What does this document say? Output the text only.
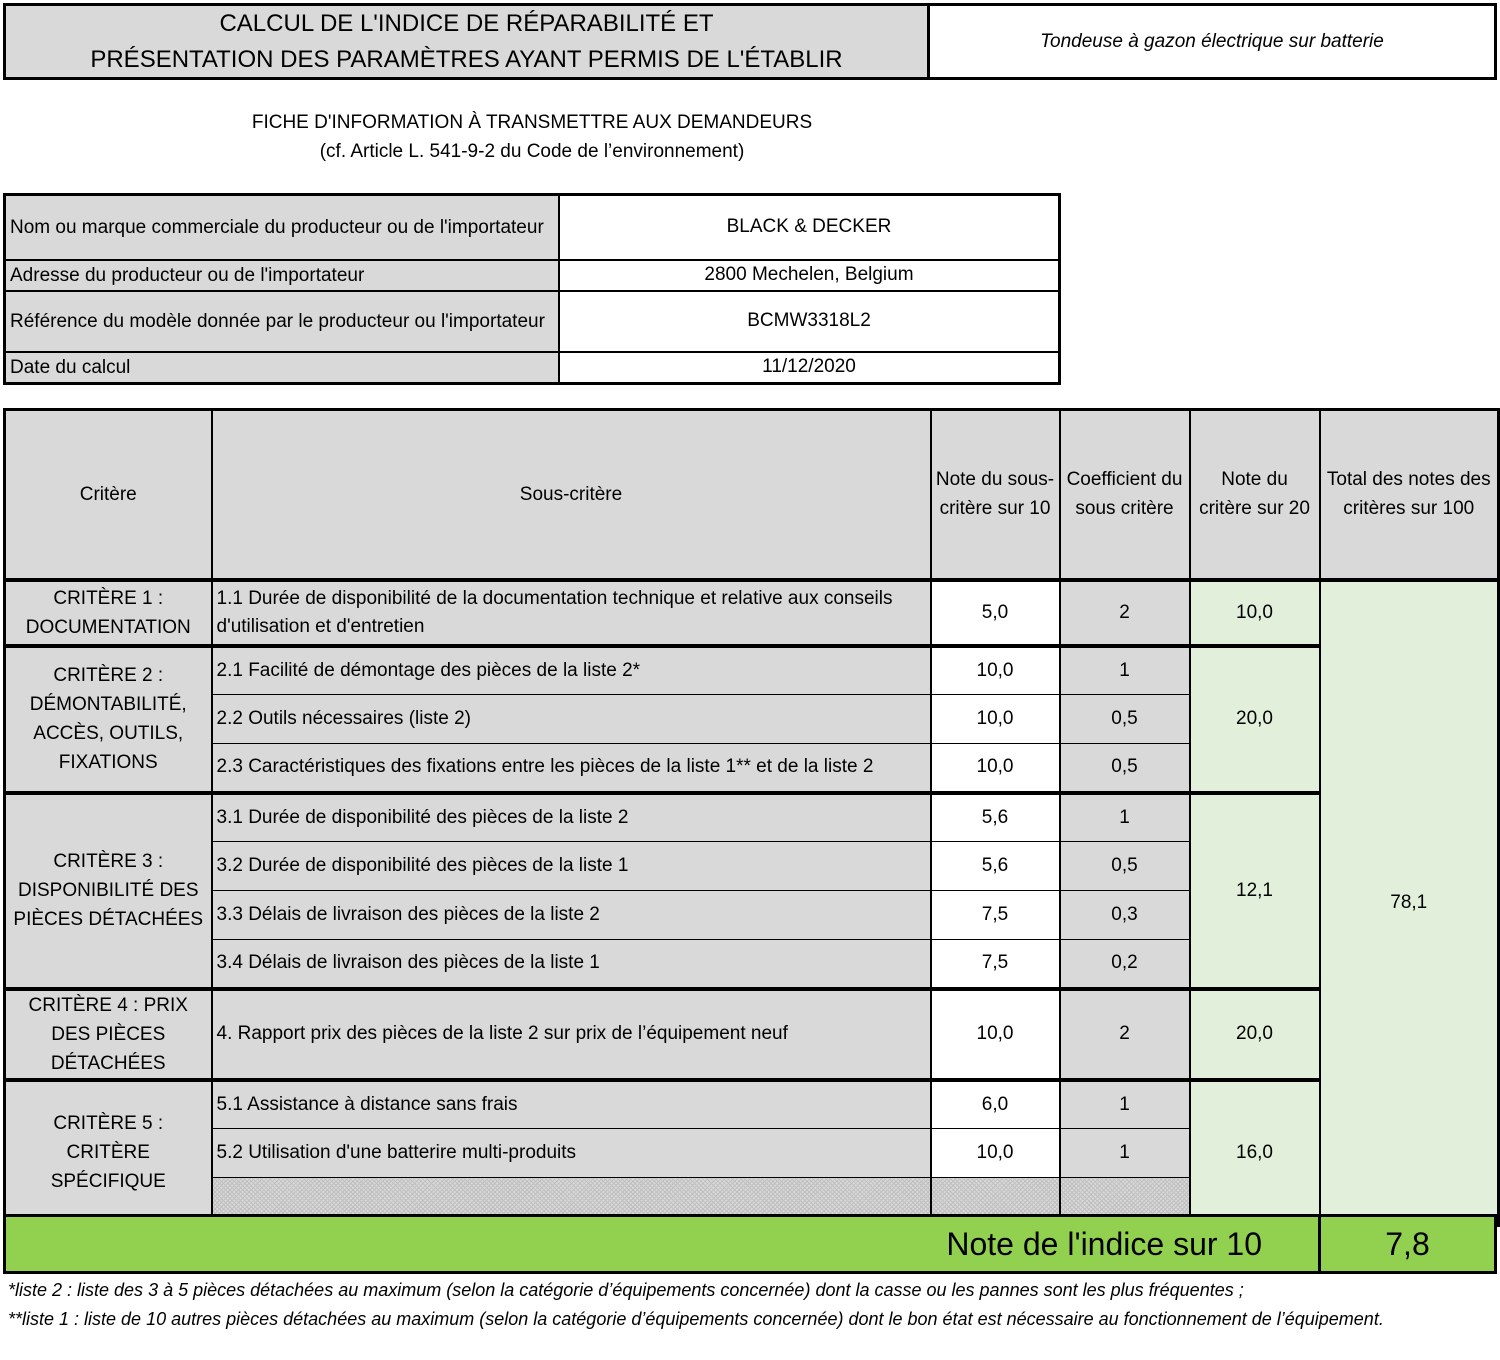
CALCUL DE L'INDICE DE RÉPARABILITÉ ET
PRÉSENTATION DES PARAMÈTRES AYANT PERMIS DE L'ÉTABLIR
Tondeuse à gazon électrique sur batterie
FICHE D'INFORMATION À TRANSMETTRE AUX DEMANDEURS
(cf. Article L. 541-9-2 du Code de l’environnement)
Nom ou marque commerciale du producteur ou de l'importateur	BLACK & DECKER
Adresse du producteur ou de l'importateur	2800 Mechelen, Belgium
Référence du modèle donnée par le producteur ou l'importateur	BCMW3318L2
Date du calcul	11/12/2020
Critère	Sous-critère	Note du sous-critère sur 10	Coefficient du sous critère	Note du critère sur 20	Total des notes des critères sur 100
CRITÈRE 1 : DOCUMENTATION	1.1 Durée de disponibilité de la documentation technique et relative aux conseils d'utilisation et d'entretien	5,0	2	10,0	78,1
CRITÈRE 2 : DÉMONTABILITÉ, ACCÈS, OUTILS, FIXATIONS	2.1 Facilité de démontage des pièces de la liste 2*	10,0	1	20,0	
	2.2 Outils nécessaires (liste 2)	10,0	0,5		
	2.3 Caractéristiques des fixations entre les pièces de la liste 1** et de la liste 2	10,0	0,5		
CRITÈRE 3 : DISPONIBILITÉ DES PIÈCES DÉTACHÉES	3.1 Durée de disponibilité des pièces de la liste 2	5,6	1	12,1	
	3.2 Durée de disponibilité des pièces de la liste 1	5,6	0,5		
	3.3 Délais de livraison des pièces de la liste 2	7,5	0,3		
	3.4 Délais de livraison des pièces de la liste 1	7,5	0,2		
CRITÈRE 4 : PRIX DES PIÈCES DÉTACHÉES	4. Rapport prix des pièces de la liste 2 sur prix de l’équipement neuf	10,0	2	20,0	
CRITÈRE 5 : CRITÈRE SPÉCIFIQUE	5.1 Assistance à distance sans frais	6,0	1	16,0	
	5.2 Utilisation d'une batterire multi-produits	10,0	1		

Note de l'indice sur 10	7,8
*liste 2 : liste des 3 à 5 pièces détachées au maximum (selon la catégorie d’équipements concernée) dont la casse ou les pannes sont les plus fréquentes ;
**liste 1 : liste de 10 autres pièces détachées au maximum (selon la catégorie d’équipements concernée) dont le bon état est nécessaire au fonctionnement de l’équipement.
